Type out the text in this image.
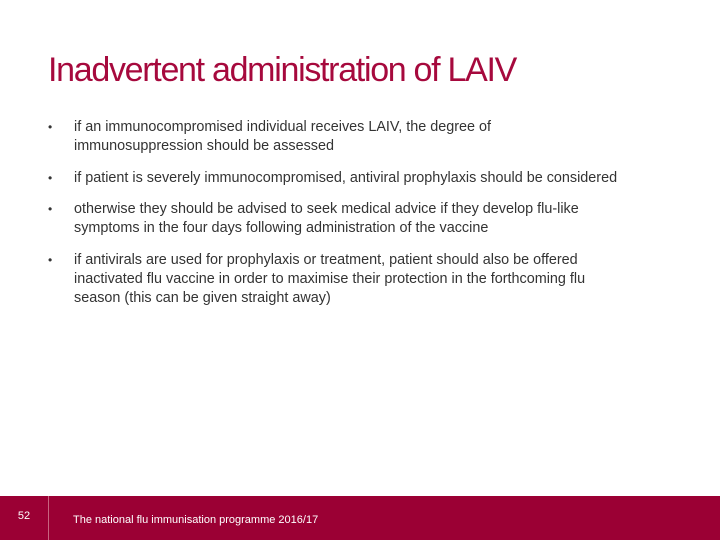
Inadvertent administration of LAIV
• if an immunocompromised individual receives LAIV, the degree of
immunosuppression should be assessed
• if patient is severely immunocompromised, antiviral prophylaxis should be considered
• otherwise they should be advised to seek medical advice if they develop flu-like
symptoms in the four days following administration of the vaccine
• if antivirals are used for prophylaxis or treatment, patient should also be offered
inactivated flu vaccine in order to maximise their protection in the forthcoming flu
season (this can be given straight away)
52	The national flu immunisation programme 2016/17
